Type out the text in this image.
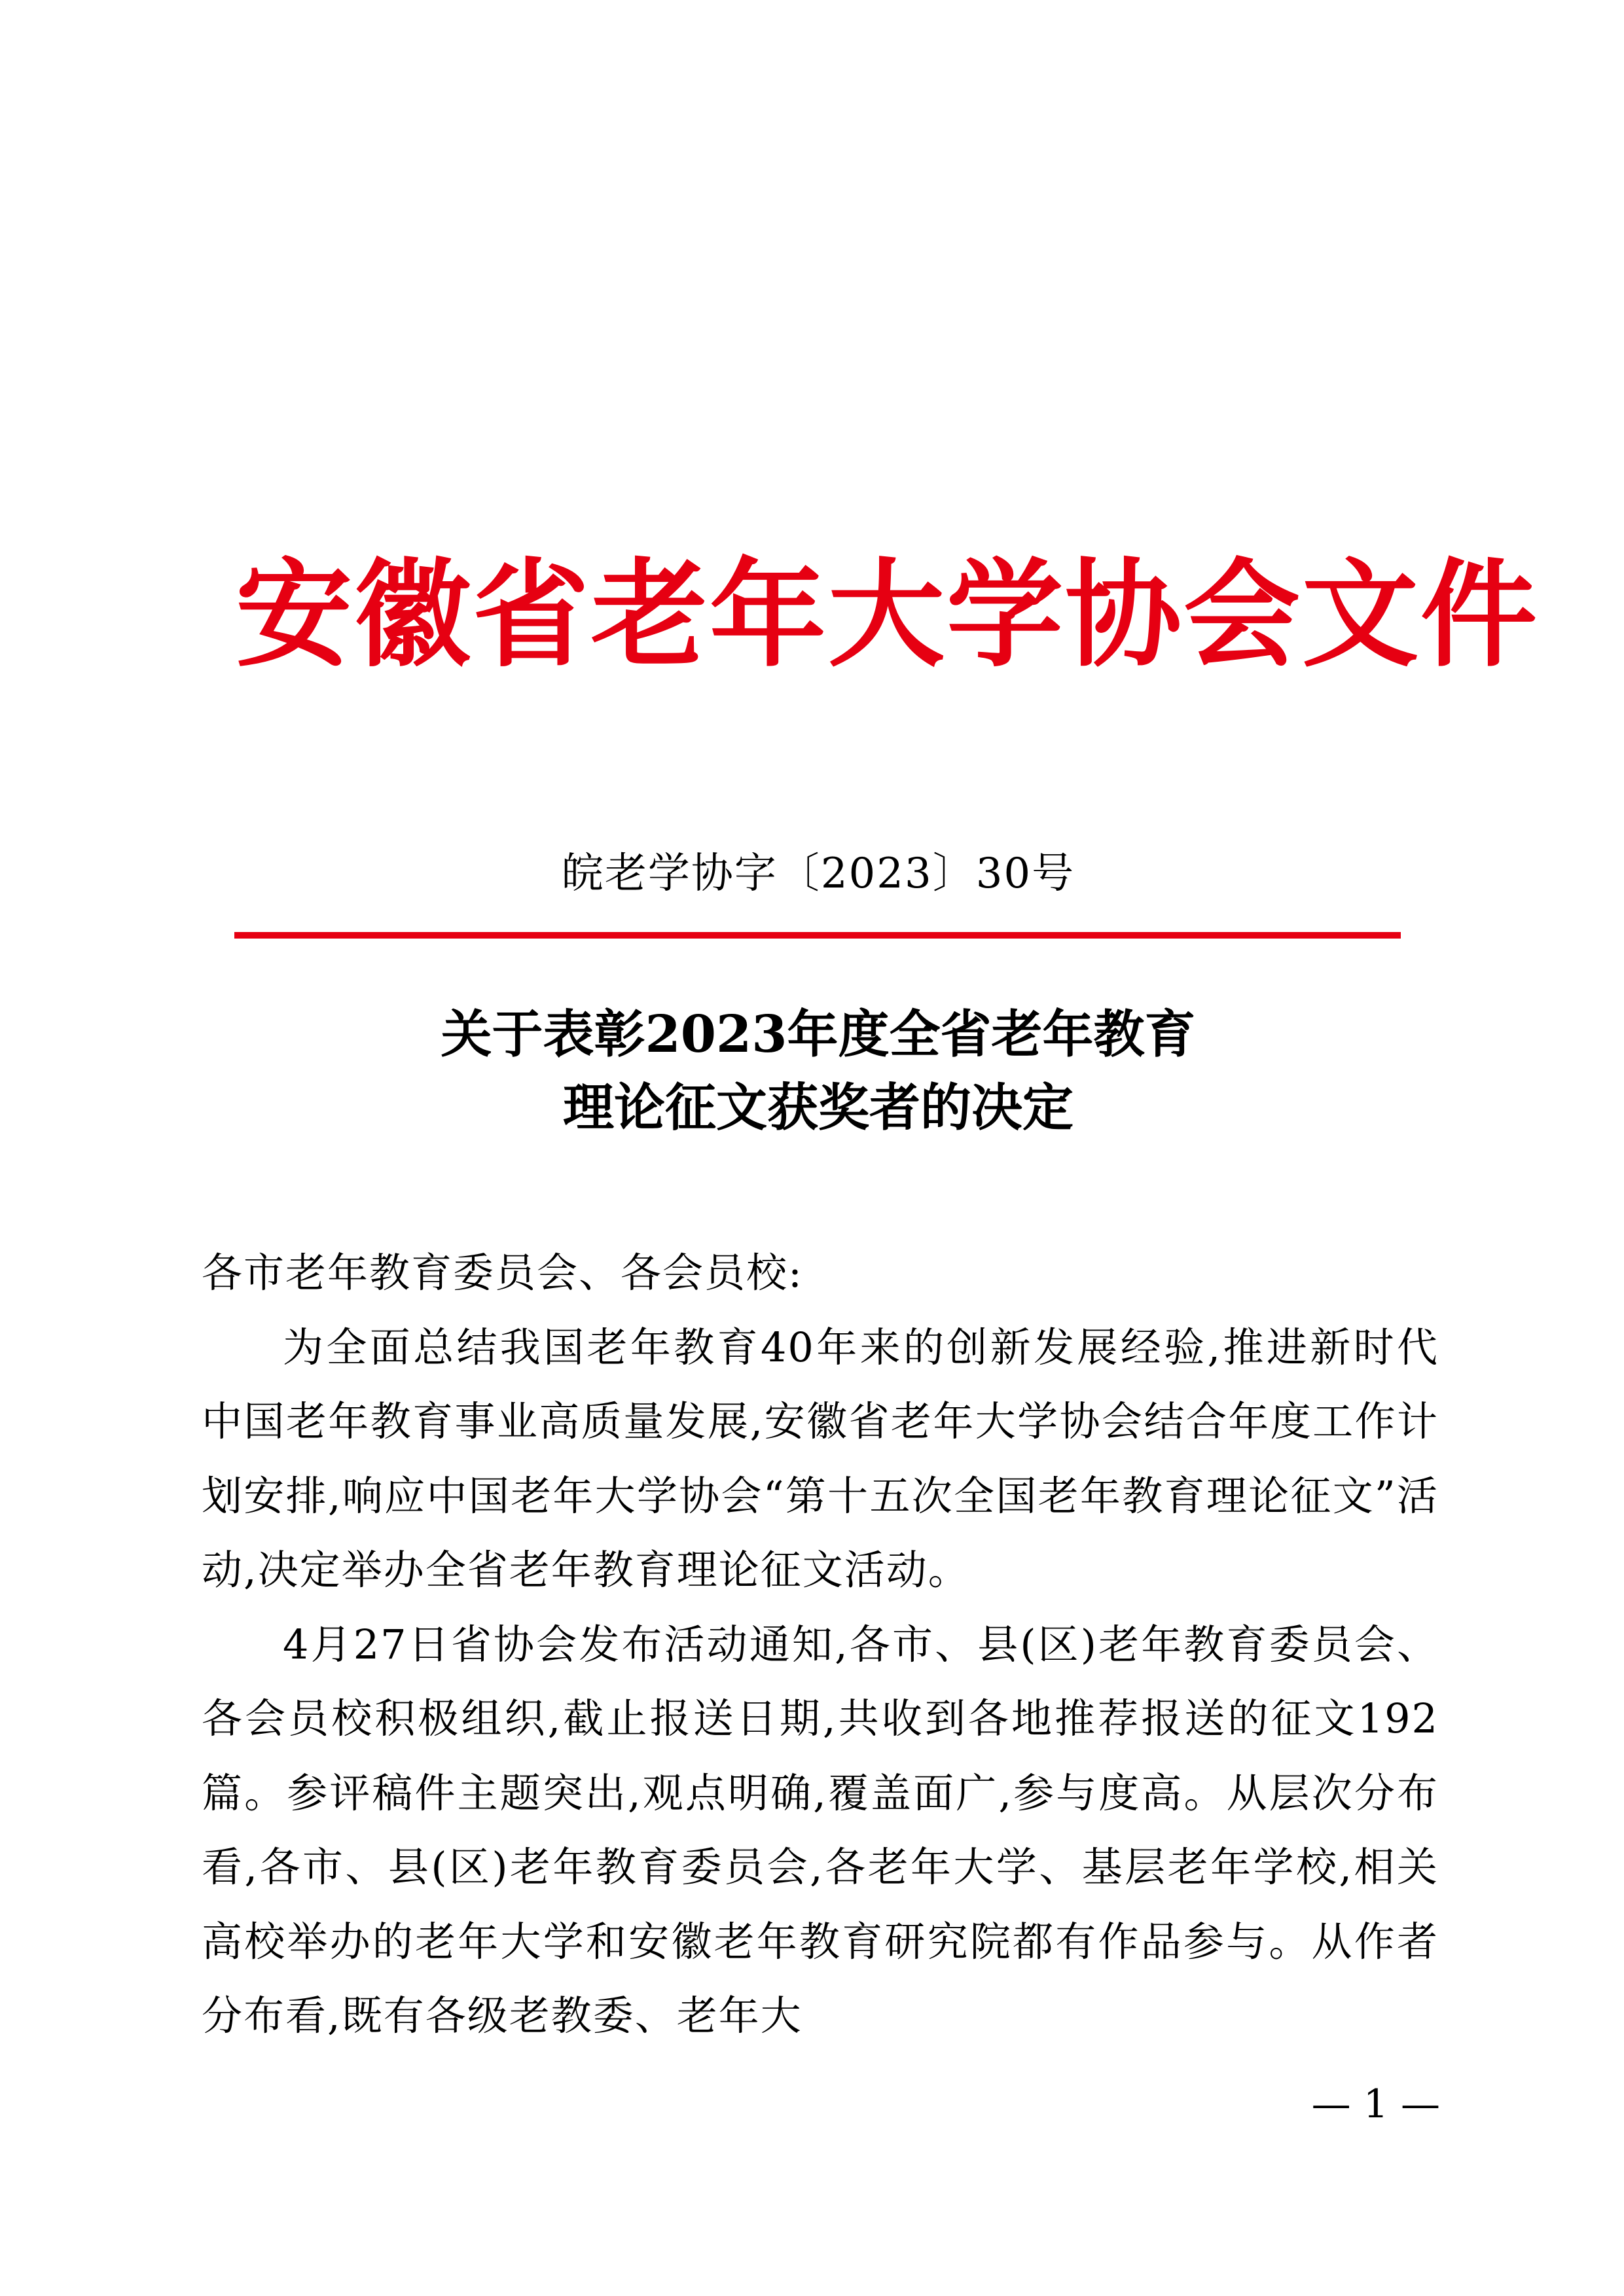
安徽省老年大学协会文件
皖老学协字〔2023〕30号
关于表彰2023年度全省老年教育
理论征文获奖者的决定

各市老年教育委员会、各会员校:

为全面总结我国老年教育40年来的创新发展经验,推进新时代中国老年教育事业高质量发展,安徽省老年大学协会结合年度工作计划安排,响应中国老年大学协会“第十五次全国老年教育理论征文”活动,决定举办全省老年教育理论征文活动。

4月27日省协会发布活动通知,各市、县(区)老年教育委员会、各会员校积极组织,截止报送日期,共收到各地推荐报送的征文192篇。参评稿件主题突出,观点明确,覆盖面广,参与度高。从层次分布看,各市、县(区)老年教育委员会,各老年大学、基层老年学校,相关高校举办的老年大学和安徽老年教育研究院都有作品参与。从作者分布看,既有各级老教委、老年大

— 1 —
